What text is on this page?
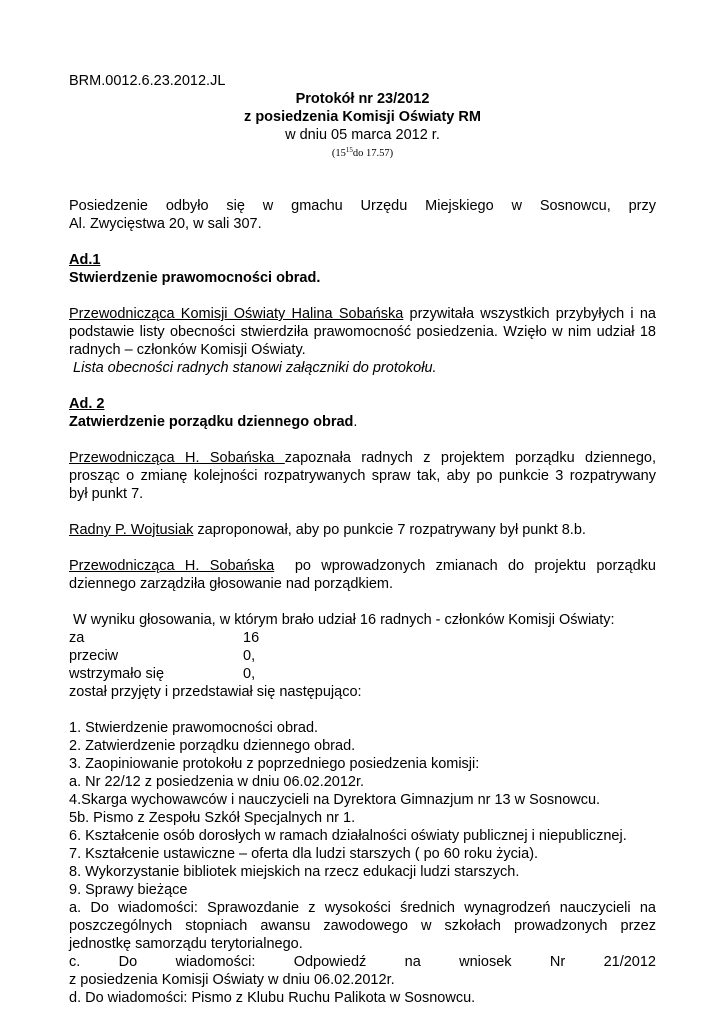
BRM.0012.6.23.2012.JL

Protokół nr 23/2012
z posiedzenia Komisji Oświaty RM
w dniu 05 marca 2012 r.
($15^{15}do$ 17.57)

Posiedzenie odbyło się w gmachu Urzędu Miejskiego w Sosnowcu, przy

Al. Zwycięstwa 20, w sali 307.

Ad.1
Stwierdzenie prawomocności obrad.

Przewodnicząca Komisji Oświaty Halina Sobańska przywitała wszystkich przybyłych i na

podstawie listy obecności stwierdziła prawomocność posiedzenia. Wzięło w nim udział 18

radnych – członków Komisji Oświaty.

Lista obecności radnych stanowi załączniki do protokołu.

Ad. 2
Zatwierdzenie porządku dziennego obrad.

Przewodnicząca H. Sobańska zapoznała radnych z projektem porządku dziennego,

prosząc o zmianę kolejności rozpatrywanych spraw tak, aby po punkcie 3 rozpatrywany

był punkt 7.

Radny P. Wojtusiak zaproponował, aby po punkcie 7 rozpatrywany był punkt 8.b.

Przewodnicząca H. Sobańska  po wprowadzonych zmianach do projektu porządku

dziennego zarządziła głosowanie nad porządkiem.

W wyniku głosowania, w którym brało udział 16 radnych - członków Komisji Oświaty:

za	16
przeciw	0,
wstrzymało się	0,

został przyjęty i przedstawiał się następująco:

1. Stwierdzenie prawomocności obrad.

2. Zatwierdzenie porządku dziennego obrad.

3. Zaopiniowanie protokołu z poprzedniego posiedzenia komisji:

a. Nr 22/12 z posiedzenia w dniu 06.02.2012r.

4.Skarga wychowawców i nauczycieli na Dyrektora Gimnazjum nr 13 w Sosnowcu.

5b. Pismo z Zespołu Szkół Specjalnych nr 1.

6. Kształcenie osób dorosłych w ramach działalności oświaty publicznej i niepublicznej.

7. Kształcenie ustawiczne – oferta dla ludzi starszych ( po 60 roku życia).

8. Wykorzystanie bibliotek miejskich na rzecz edukacji ludzi starszych.

9. Sprawy bieżące

a. Do wiadomości: Sprawozdanie z wysokości średnich wynagrodzeń nauczycieli na

poszczególnych stopniach awansu zawodowego w szkołach prowadzonych przez

jednostkę samorządu terytorialnego.

c. Do wiadomości: Odpowiedź na wniosek Nr 21/2012

z posiedzenia Komisji Oświaty w dniu 06.02.2012r.

d. Do wiadomości: Pismo z Klubu Ruchu Palikota w Sosnowcu.
